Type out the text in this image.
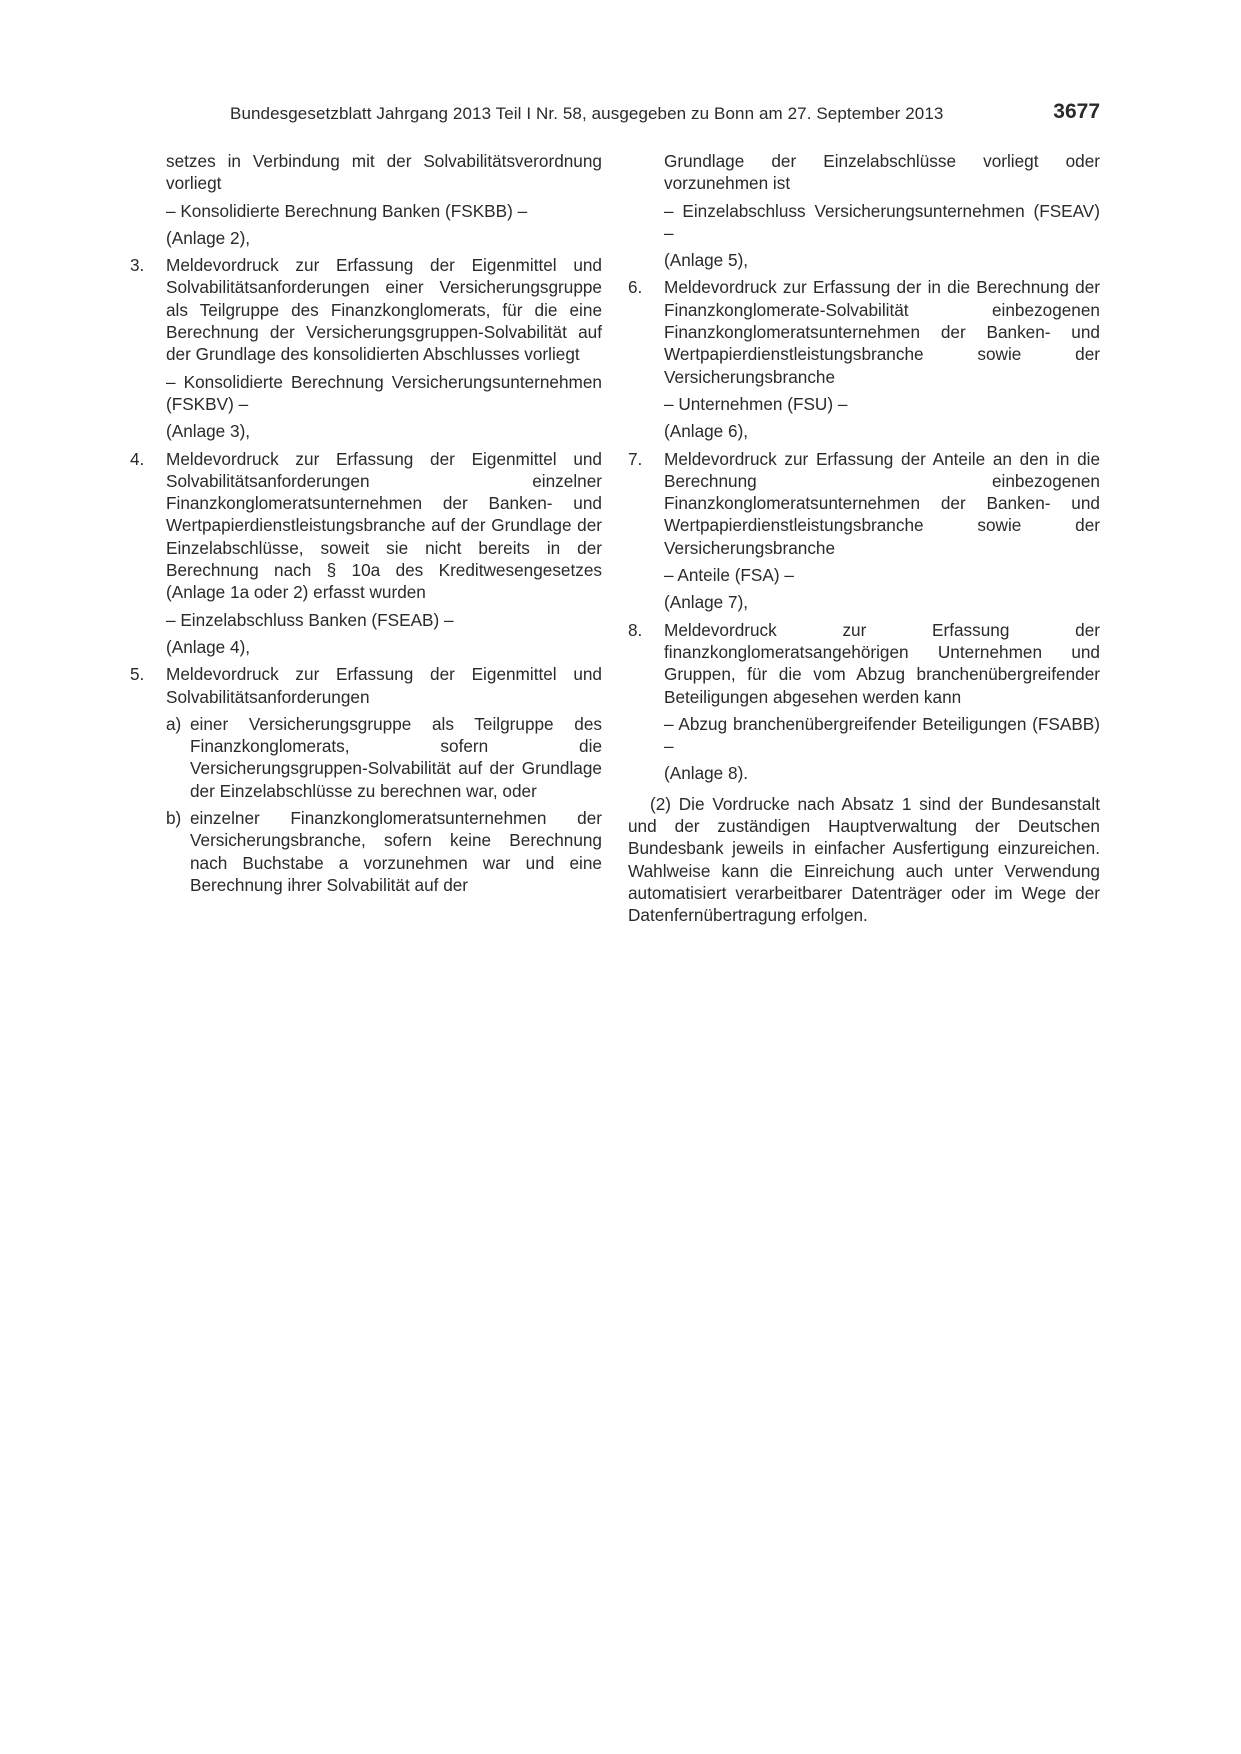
Bundesgesetzblatt Jahrgang 2013 Teil I Nr. 58, ausgegeben zu Bonn am 27. September 2013	3677

setzes in Verbindung mit der Solvabilitätsverordnung vorliegt

– Konsolidierte Berechnung Banken (FSKBB) –

(Anlage 2),

3. Meldevordruck zur Erfassung der Eigenmittel und Solvabilitätsanforderungen einer Versicherungsgruppe als Teilgruppe des Finanzkonglomerats, für die eine Berechnung der Versicherungsgruppen-Solvabilität auf der Grundlage des konsolidierten Abschlusses vorliegt

– Konsolidierte Berechnung Versicherungsunternehmen (FSKBV) –

(Anlage 3),

4. Meldevordruck zur Erfassung der Eigenmittel und Solvabilitätsanforderungen einzelner Finanzkonglomeratsunternehmen der Banken- und Wertpapierdienstleistungsbranche auf der Grundlage der Einzelabschlüsse, soweit sie nicht bereits in der Berechnung nach § 10a des Kreditwesengesetzes (Anlage 1a oder 2) erfasst wurden

– Einzelabschluss Banken (FSEAB) –

(Anlage 4),

5. Meldevordruck zur Erfassung der Eigenmittel und Solvabilitätsanforderungen

a) einer Versicherungsgruppe als Teilgruppe des Finanzkonglomerats, sofern die Versicherungsgruppen-Solvabilität auf der Grundlage der Einzelabschlüsse zu berechnen war, oder

b) einzelner Finanzkonglomeratsunternehmen der Versicherungsbranche, sofern keine Berechnung nach Buchstabe a vorzunehmen war und eine Berechnung ihrer Solvabilität auf der

Grundlage der Einzelabschlüsse vorliegt oder vorzunehmen ist

– Einzelabschluss Versicherungsunternehmen (FSEAV) –

(Anlage 5),

6. Meldevordruck zur Erfassung der in die Berechnung der Finanzkonglomerate-Solvabilität einbezogenen Finanzkonglomeratsunternehmen der Banken- und Wertpapierdienstleistungsbranche sowie der Versicherungsbranche

– Unternehmen (FSU) –

(Anlage 6),

7. Meldevordruck zur Erfassung der Anteile an den in die Berechnung einbezogenen Finanzkonglomeratsunternehmen der Banken- und Wertpapierdienstleistungsbranche sowie der Versicherungsbranche

– Anteile (FSA) –

(Anlage 7),

8. Meldevordruck zur Erfassung der finanzkonglomeratsangehörigen Unternehmen und Gruppen, für die vom Abzug branchenübergreifender Beteiligungen abgesehen werden kann

– Abzug branchenübergreifender Beteiligungen (FSABB) –

(Anlage 8).

(2) Die Vordrucke nach Absatz 1 sind der Bundesanstalt und der zuständigen Hauptverwaltung der Deutschen Bundesbank jeweils in einfacher Ausfertigung einzureichen. Wahlweise kann die Einreichung auch unter Verwendung automatisiert verarbeitbarer Datenträger oder im Wege der Datenfernübertragung erfolgen.
